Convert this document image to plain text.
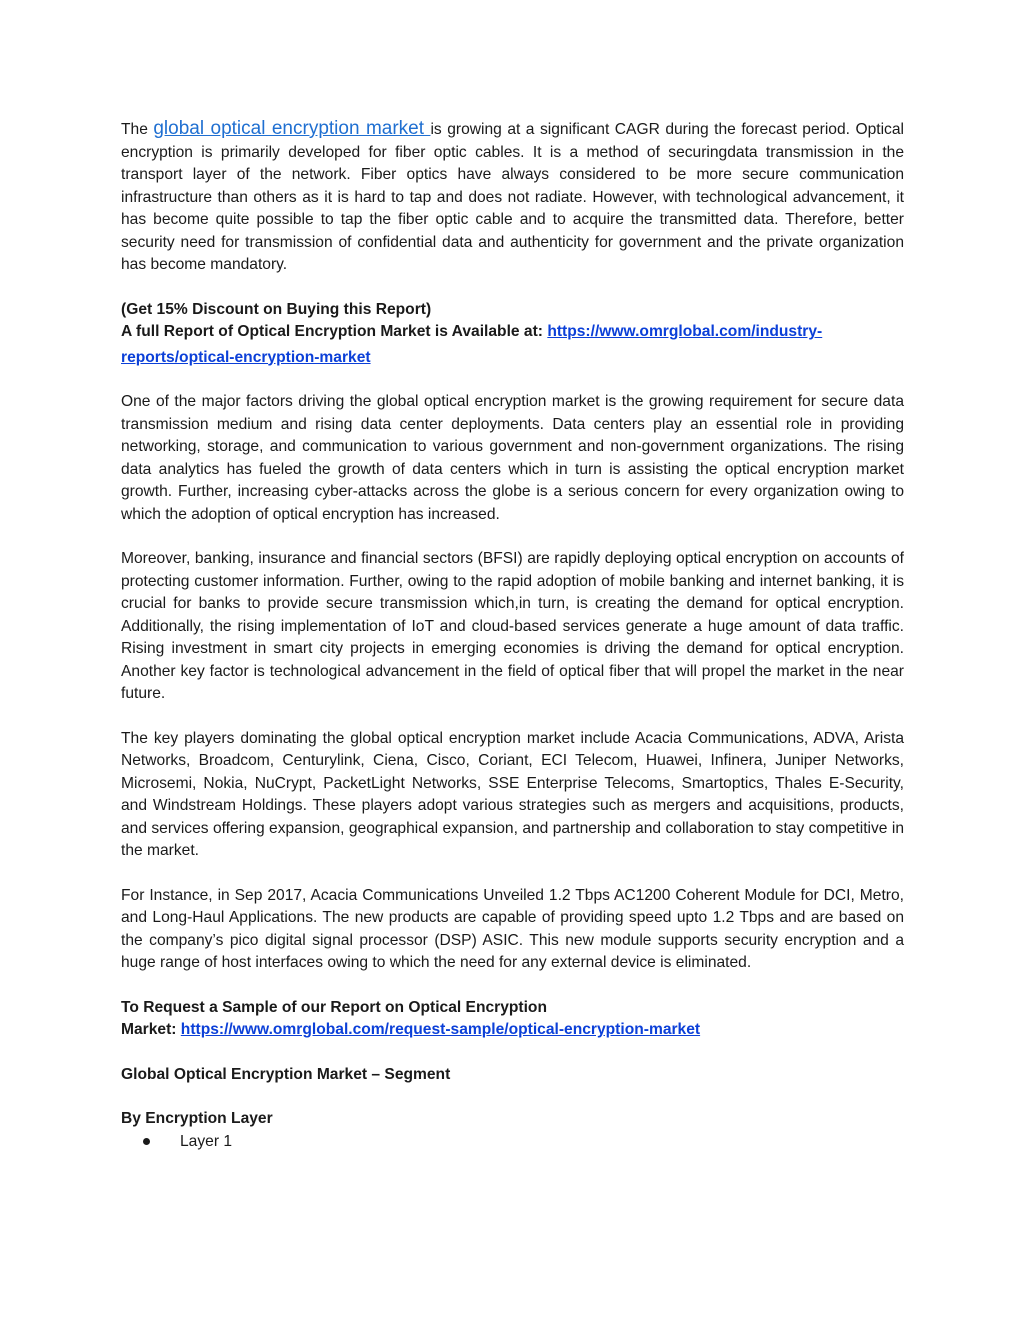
The global optical encryption market is growing at a significant CAGR during the forecast period. Optical encryption is primarily developed for fiber optic cables. It is a method of securingdata transmission in the transport layer of the network. Fiber optics have always considered to be more secure communication infrastructure than others as it is hard to tap and does not radiate. However, with technological advancement, it has become quite possible to tap the fiber optic cable and to acquire the transmitted data. Therefore, better security need for transmission of confidential data and authenticity for government and the private organization has become mandatory.

(Get 15% Discount on Buying this Report)
A full Report of Optical Encryption Market is Available at: https://www.omrglobal.com/industry-
reports/optical-encryption-market

One of the major factors driving the global optical encryption market is the growing requirement for secure data transmission medium and rising data center deployments. Data centers play an essential role in providing networking, storage, and communication to various government and non-government organizations. The rising data analytics has fueled the growth of data centers which in turn is assisting the optical encryption market growth. Further, increasing cyber-attacks across the globe is a serious concern for every organization owing to which the adoption of optical encryption has increased.

Moreover, banking, insurance and financial sectors (BFSI) are rapidly deploying optical encryption on accounts of protecting customer information. Further, owing to the rapid adoption of mobile banking and internet banking, it is crucial for banks to provide secure transmission which,in turn, is creating the demand for optical encryption. Additionally, the rising implementation of IoT and cloud-based services generate a huge amount of data traffic. Rising investment in smart city projects in emerging economies is driving the demand for optical encryption. Another key factor is technological advancement in the field of optical fiber that will propel the market in the near future.

The key players dominating the global optical encryption market include Acacia Communications, ADVA, Arista Networks, Broadcom, Centurylink, Ciena, Cisco, Coriant, ECI Telecom, Huawei, Infinera, Juniper Networks, Microsemi, Nokia, NuCrypt, PacketLight Networks, SSE Enterprise Telecoms, Smartoptics, Thales E-Security, and Windstream Holdings. These players adopt various strategies such as mergers and acquisitions, products, and services offering expansion, geographical expansion, and partnership and collaboration to stay competitive in the market.

For Instance, in Sep 2017, Acacia Communications Unveiled 1.2 Tbps AC1200 Coherent Module for DCI, Metro, and Long-Haul Applications. The new products are capable of providing speed upto 1.2 Tbps and are based on the company’s pico digital signal processor (DSP) ASIC. This new module supports security encryption and a huge range of host interfaces owing to which the need for any external device is eliminated.

To Request a Sample of our Report on Optical Encryption
Market: https://www.omrglobal.com/request-sample/optical-encryption-market
Global Optical Encryption Market – Segment
By Encryption Layer
Layer 1
